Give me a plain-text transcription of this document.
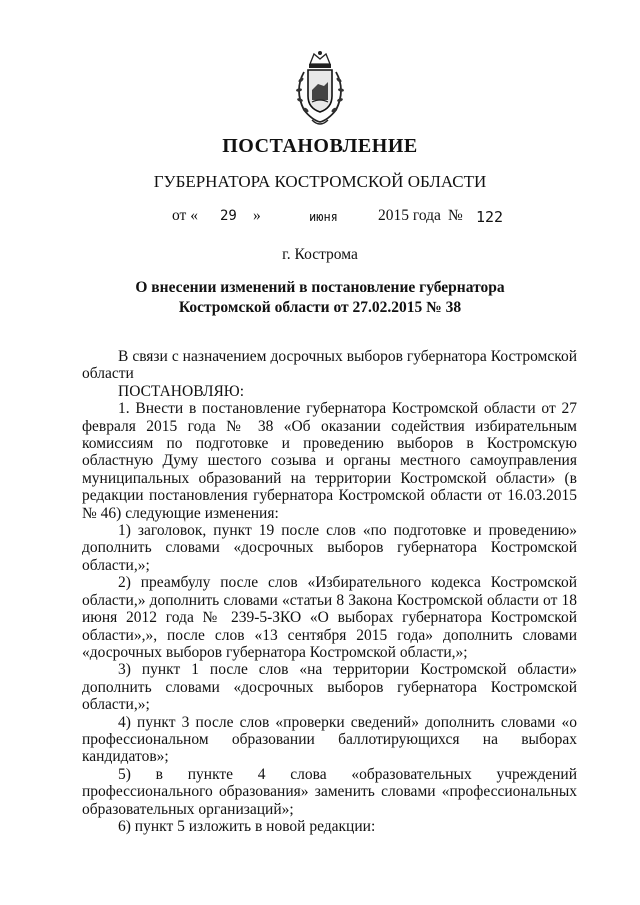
ПОСТАНОВЛЕНИЕ
ГУБЕРНАТОРА КОСТРОМСКОЙ ОБЛАСТИ
от « 29 »	июня	2015 года № 122
г. Кострома
О внесении изменений в постановление губернатора
Костромской области от 27.02.2015 № 38

В связи с назначением досрочных выборов губернатора Костромской области

ПОСТАНОВЛЯЮ:

1. Внести в постановление губернатора Костромской области от 27 февраля 2015 года № 38 «Об оказании содействия избирательным комиссиям по подготовке и проведению выборов в Костромскую областную Думу шестого созыва и органы местного самоуправления муниципальных образований на территории Костромской области» (в редакции постановления губернатора Костромской области от 16.03.2015 № 46) следующие изменения:

1) заголовок, пункт 19 после слов «по подготовке и проведению» дополнить словами «досрочных выборов губернатора Костромской области,»;

2) преамбулу после слов «Избирательного кодекса Костромской области,» дополнить словами «статьи 8 Закона Костромской области от 18 июня 2012 года № 239-5-ЗКО «О выборах губернатора Костромской области»,», после слов «13 сентября 2015 года» дополнить словами «досрочных выборов губернатора Костромской области,»;

3) пункт 1 после слов «на территории Костромской области» дополнить словами «досрочных выборов губернатора Костромской области,»;

4) пункт 3 после слов «проверки сведений» дополнить словами «о профессиональном образовании баллотирующихся на выборах кандидатов»;

5) в пункте 4 слова «образовательных учреждений профессионального образования» заменить словами «профессиональных образовательных организаций»;

6) пункт 5 изложить в новой редакции:
